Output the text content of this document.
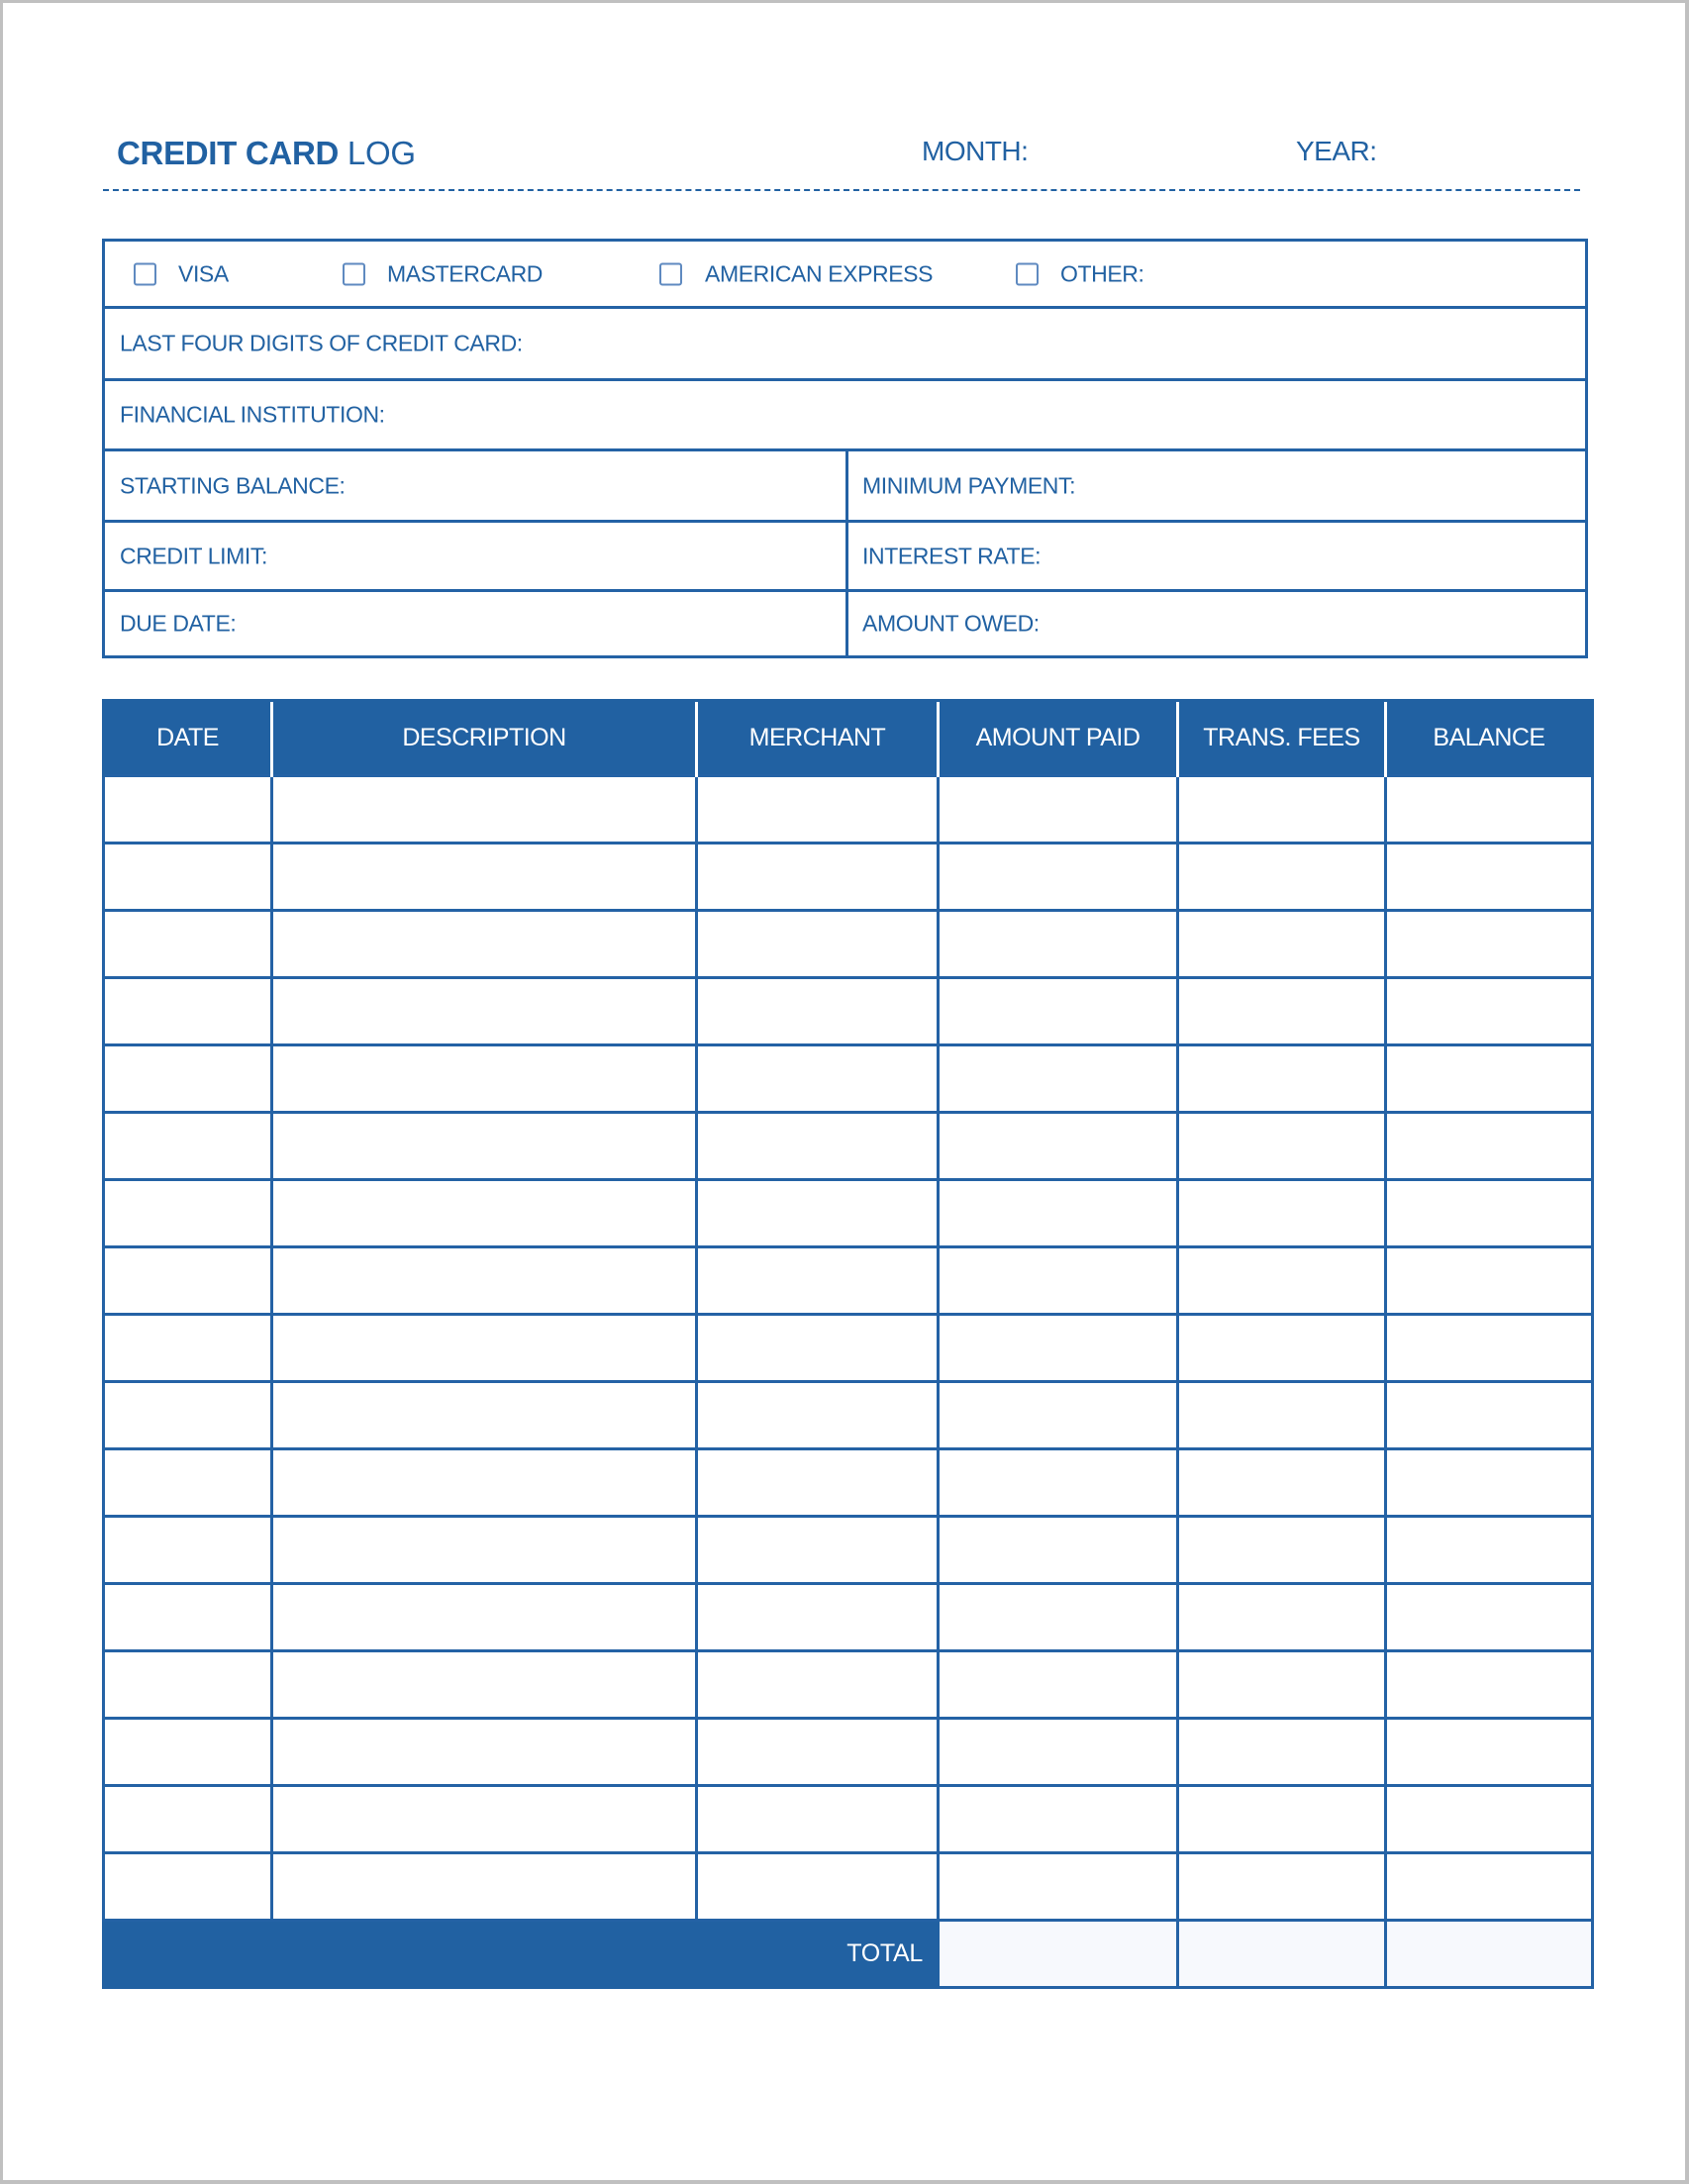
CREDIT CARD LOG	MONTH:	YEAR:
VISA	MASTERCARD	AMERICAN EXPRESS	OTHER:
LAST FOUR DIGITS OF CREDIT CARD:
FINANCIAL INSTITUTION:
STARTING BALANCE:	MINIMUM PAYMENT:
CREDIT LIMIT:	INTEREST RATE:
DUE DATE:	AMOUNT OWED:
DATE	DESCRIPTION	MERCHANT	AMOUNT PAID	TRANS. FEES	BALANCE

TOTAL					
